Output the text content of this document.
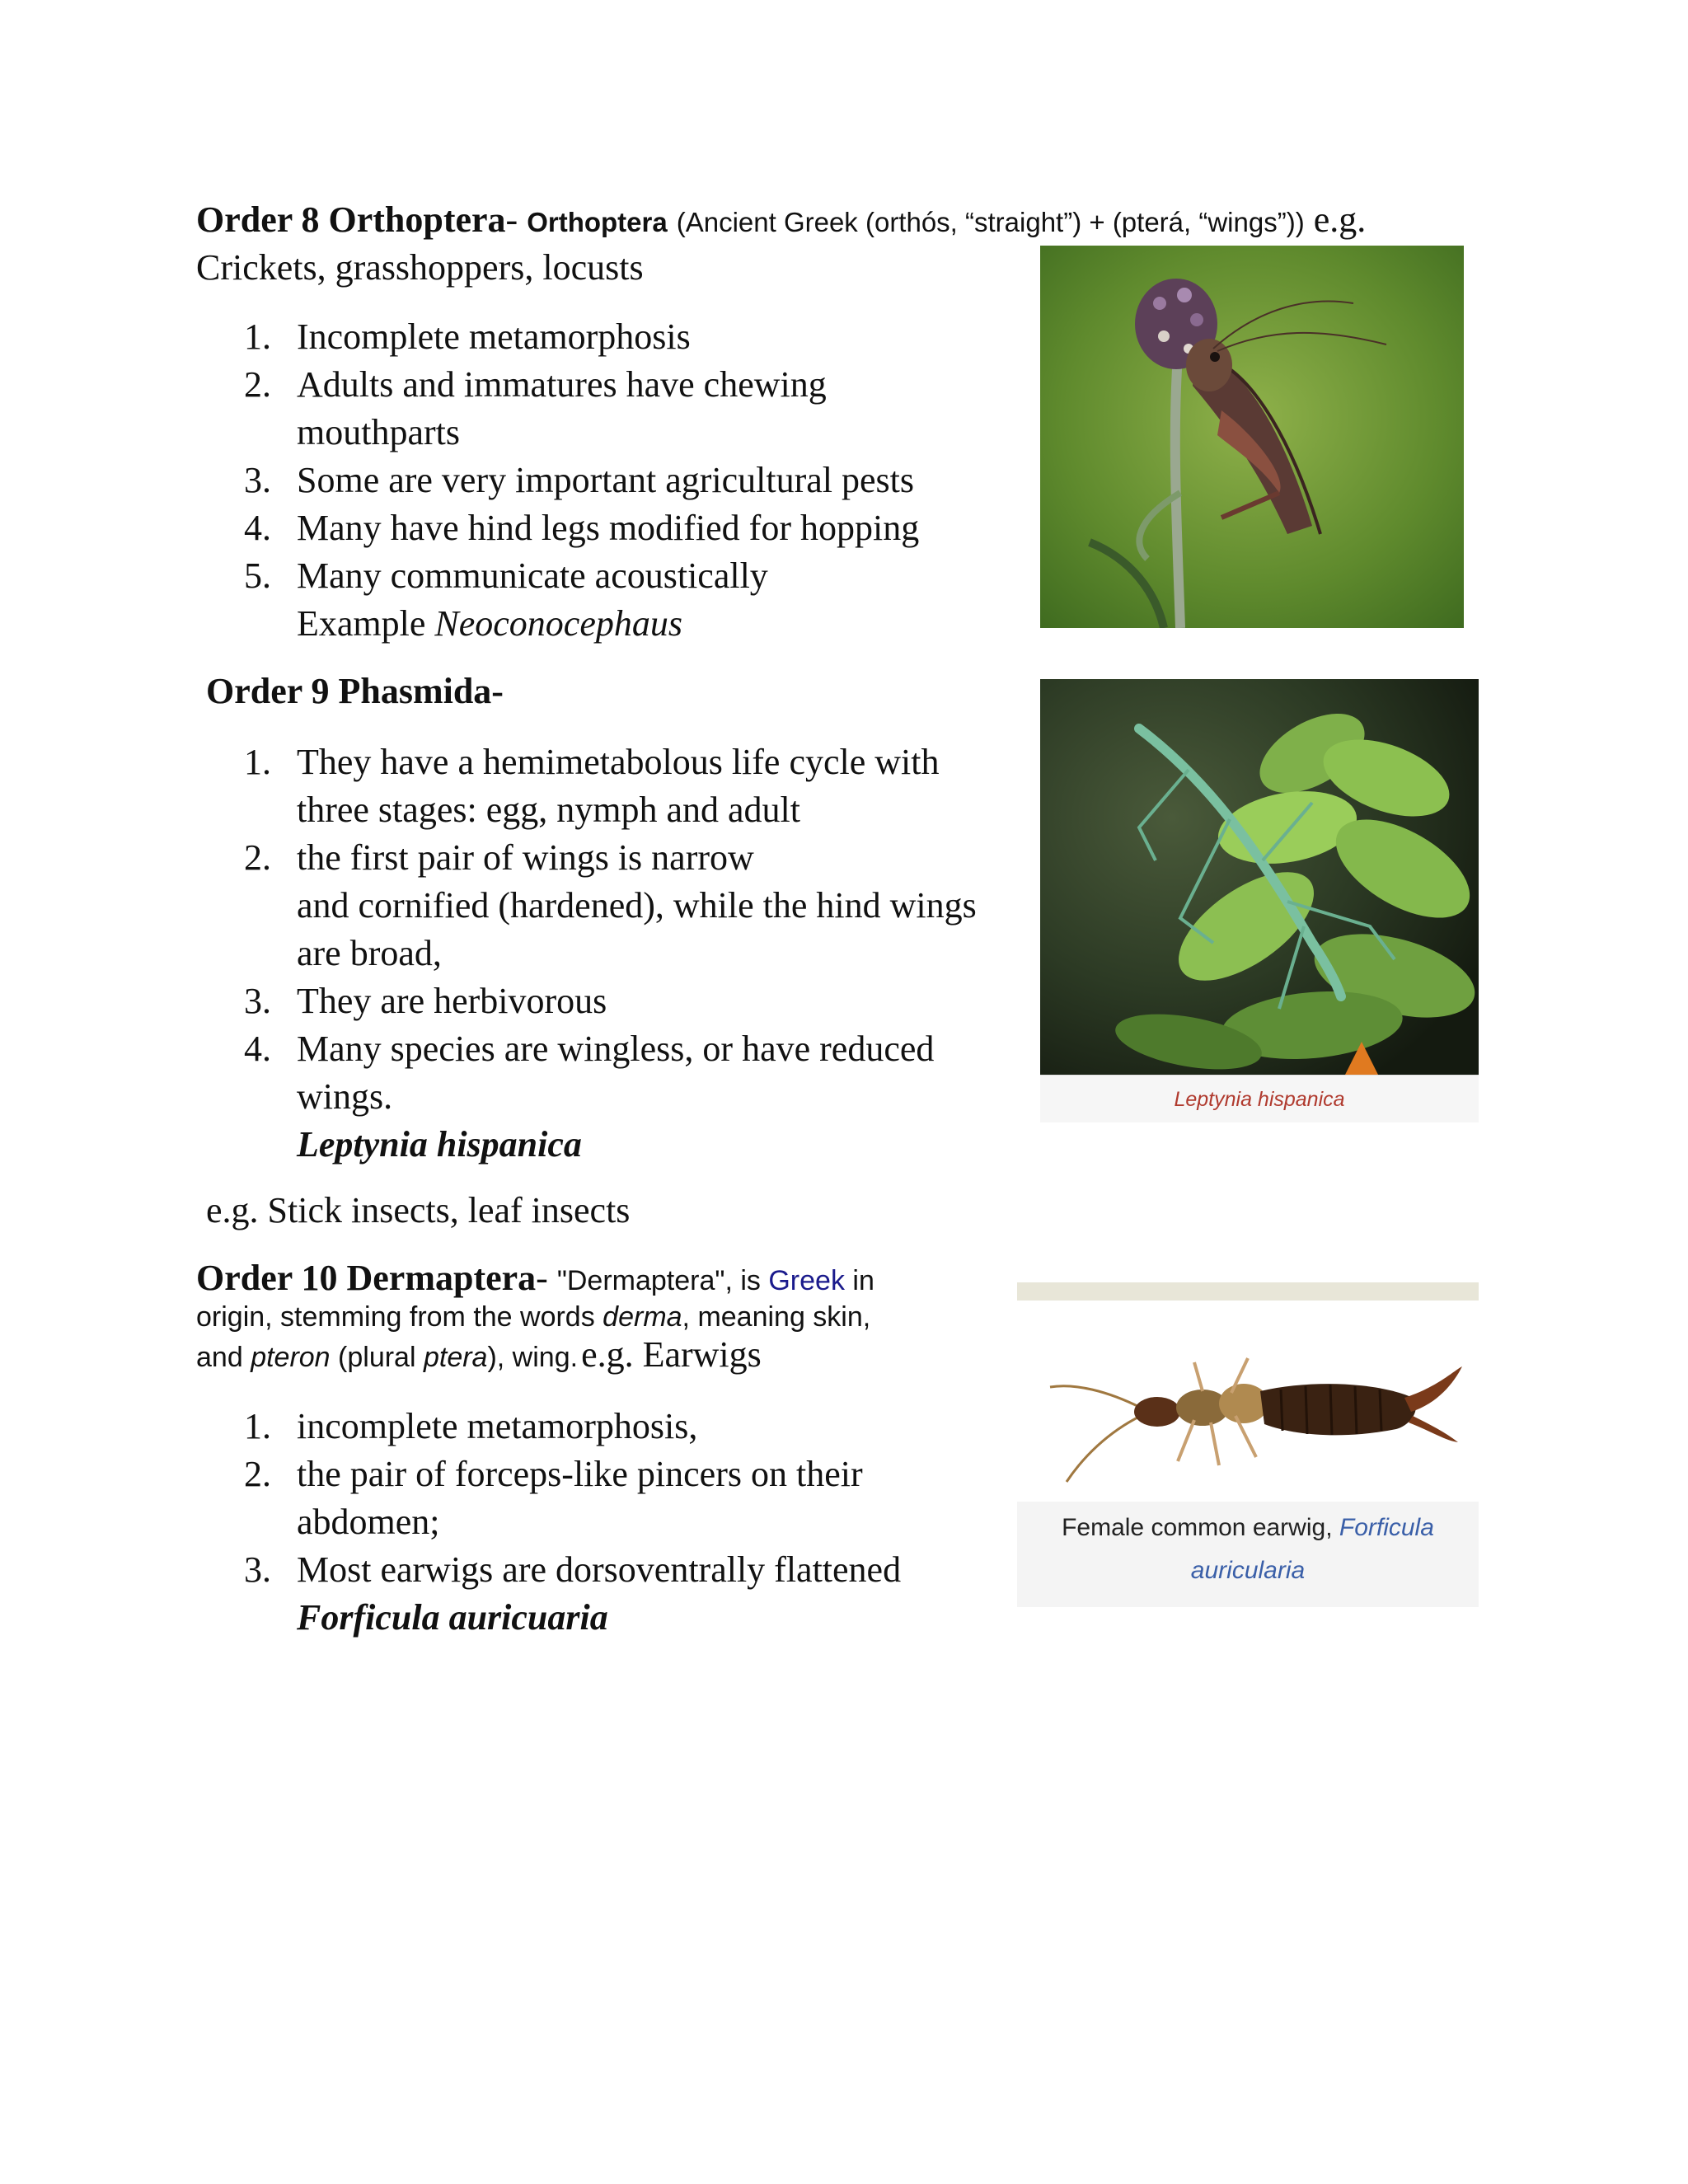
Order 8 Orthoptera- Orthoptera (Ancient Greek (orthós, “straight”) + (pterá, “wings”)) e.g.
Crickets, grasshoppers, locusts
1. Incomplete metamorphosis
2. Adults and immatures have chewing
mouthparts
3. Some are very important agricultural pests
4. Many have hind legs modified for hopping
5. Many communicate acoustically
Example Neoconocephaus
Order 9 Phasmida-
1. They have a hemimetabolous life cycle with
three stages: egg, nymph and adult
2. the first pair of wings is narrow
and cornified (hardened), while the hind wings
are broad,
3. They are herbivorous
4. Many species are wingless, or have reduced
wings.
Leptynia hispanica
e.g. Stick insects, leaf insects
Leptynia hispanica
Order 10 Dermaptera- "Dermaptera", is Greek in
origin, stemming from the words derma, meaning skin,
and pteron (plural ptera), wing. e.g. Earwigs
1. incomplete metamorphosis,
2. the pair of forceps-like pincers on their
abdomen;
3. Most earwigs are dorsoventrally flattened
Forficula auricuaria
Female common earwig, Forficula
auricularia
